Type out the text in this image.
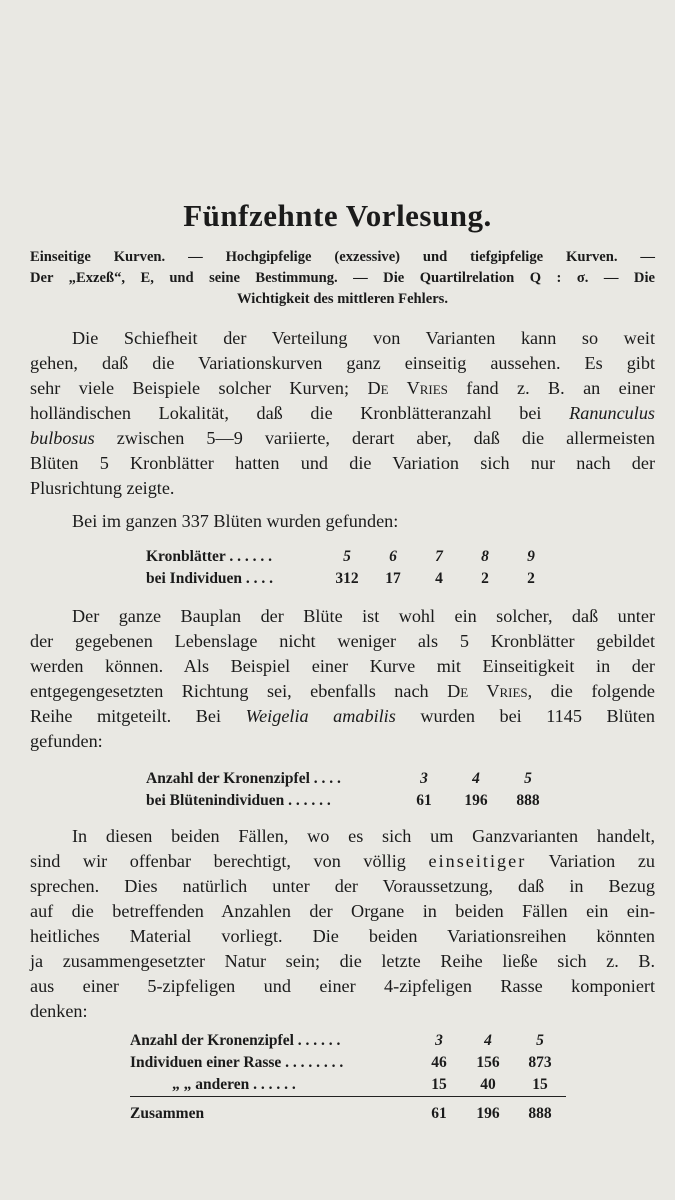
Fünfzehnte Vorlesung.
Einseitige Kurven. — Hochgipfelige (exzessive) und tiefgipfelige Kurven. —
Der „Exzeß“, E, und seine Bestimmung. — Die Quartilrelation Q : σ. — Die
Wichtigkeit des mittleren Fehlers.
Die Schiefheit der Verteilung von Varianten kann so weit
gehen, daß die Variationskurven ganz einseitig aussehen. Es gibt
sehr viele Beispiele solcher Kurven; De Vries fand z. B. an einer
holländischen Lokalität, daß die Kronblätteranzahl bei Ranunculus
bulbosus zwischen 5—9 variierte, derart aber, daß die allermeisten
Blüten 5 Kronblätter hatten und die Variation sich nur nach der
Plusrichtung zeigte.
Bei im ganzen 337 Blüten wurden gefunden:
Kronblätter . . . . . .	5	6	7	8	9
bei Individuen . . . .	312	17	4	2	2
Der ganze Bauplan der Blüte ist wohl ein solcher, daß unter
der gegebenen Lebenslage nicht weniger als 5 Kronblätter gebildet
werden können. Als Beispiel einer Kurve mit Einseitigkeit in der
entgegengesetzten Richtung sei, ebenfalls nach De Vries, die folgende
Reihe mitgeteilt. Bei Weigelia amabilis wurden bei 1145 Blüten
gefunden:
Anzahl der Kronenzipfel . . . .	3	4	5
bei Blütenindividuen . . . . . .	61	196	888
In diesen beiden Fällen, wo es sich um Ganzvarianten handelt,
sind wir offenbar berechtigt, von völlig einseitiger Variation zu
sprechen. Dies natürlich unter der Voraussetzung, daß in Bezug
auf die betreffenden Anzahlen der Organe in beiden Fällen ein ein-
heitliches Material vorliegt. Die beiden Variationsreihen könnten
ja zusammengesetzter Natur sein; die letzte Reihe ließe sich z. B.
aus einer 5-zipfeligen und einer 4-zipfeligen Rasse komponiert
denken:
Anzahl der Kronenzipfel . . . . . .	3	4	5
Individuen einer Rasse . . . . . . . .	46	156	873
„ „ anderen . . . . . .	15	40	15
Zusammen	61	196	888
